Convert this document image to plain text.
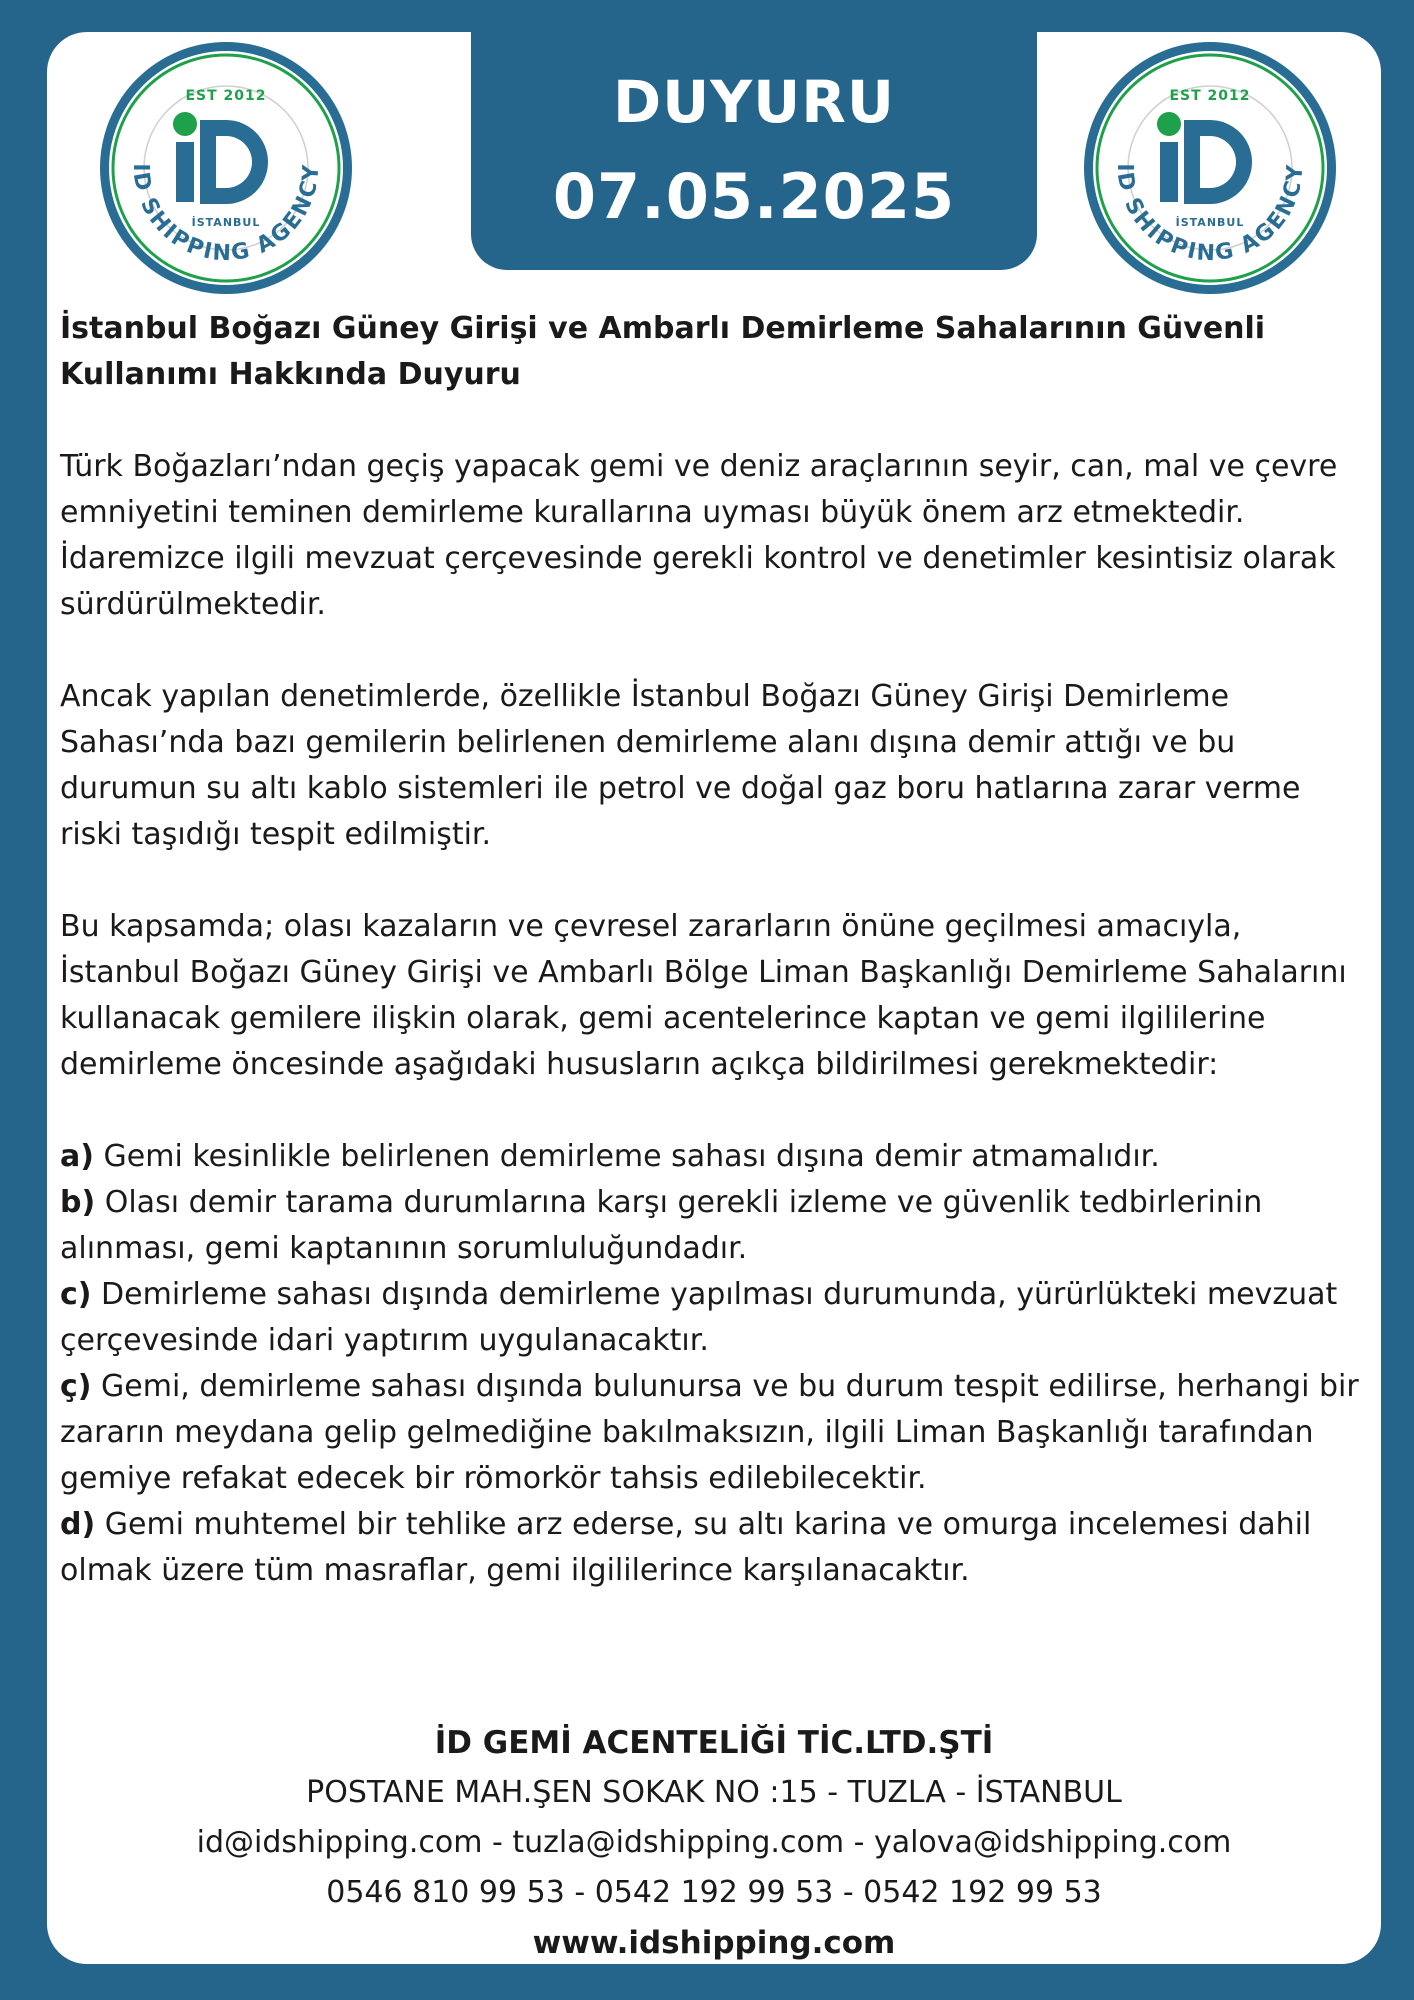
DUYURU
07.05.2025
EST 2012
İSTANBUL
ID SHIPPING AGENCY
EST 2012
İSTANBUL
ID SHIPPING AGENCY

İstanbul Boğazı Güney Girişi ve Ambarlı Demirleme Sahalarının Güvenli
Kullanımı Hakkında Duyuru

Türk Boğazları’ndan geçiş yapacak gemi ve deniz araçlarının seyir, can, mal ve çevre emniyetini teminen demirleme kurallarına uyması büyük önem arz etmektedir. İdaremizce ilgili mevzuat çerçevesinde gerekli kontrol ve denetimler kesintisiz olarak sürdürülmektedir.

Ancak yapılan denetimlerde, özellikle İstanbul Boğazı Güney Girişi Demirleme Sahası’nda bazı gemilerin belirlenen demirleme alanı dışına demir attığı ve bu durumun su altı kablo sistemleri ile petrol ve doğal gaz boru hatlarına zarar verme riski taşıdığı tespit edilmiştir.

Bu kapsamda; olası kazaların ve çevresel zararların önüne geçilmesi amacıyla, İstanbul Boğazı Güney Girişi ve Ambarlı Bölge Liman Başkanlığı Demirleme Sahalarını kullanacak gemilere ilişkin olarak, gemi acentelerince kaptan ve gemi ilgililerine demirleme öncesinde aşağıdaki hususların açıkça bildirilmesi gerekmektedir:

a) Gemi kesinlikle belirlenen demirleme sahası dışına demir atmamalıdır.
b) Olası demir tarama durumlarına karşı gerekli izleme ve güvenlik tedbirlerinin alınması, gemi kaptanının sorumluluğundadır.
c) Demirleme sahası dışında demirleme yapılması durumunda, yürürlükteki mevzuat çerçevesinde idari yaptırım uygulanacaktır.
ç) Gemi, demirleme sahası dışında bulunursa ve bu durum tespit edilirse, herhangi bir zararın meydana gelip gelmediğine bakılmaksızın, ilgili Liman Başkanlığı tarafından gemiye refakat edecek bir römorkör tahsis edilebilecektir.
d) Gemi muhtemel bir tehlike arz ederse, su altı karina ve omurga incelemesi dahil olmak üzere tüm masraflar, gemi ilgililerince karşılanacaktır.
İD GEMİ ACENTELİĞİ TİC.LTD.ŞTİ
POSTANE MAH.ŞEN SOKAK NO :15 - TUZLA - İSTANBUL
id@idshipping.com - tuzla@idshipping.com - yalova@idshipping.com
0546 810 99 53 - 0542 192 99 53 - 0542 192 99 53
www.idshipping.com
